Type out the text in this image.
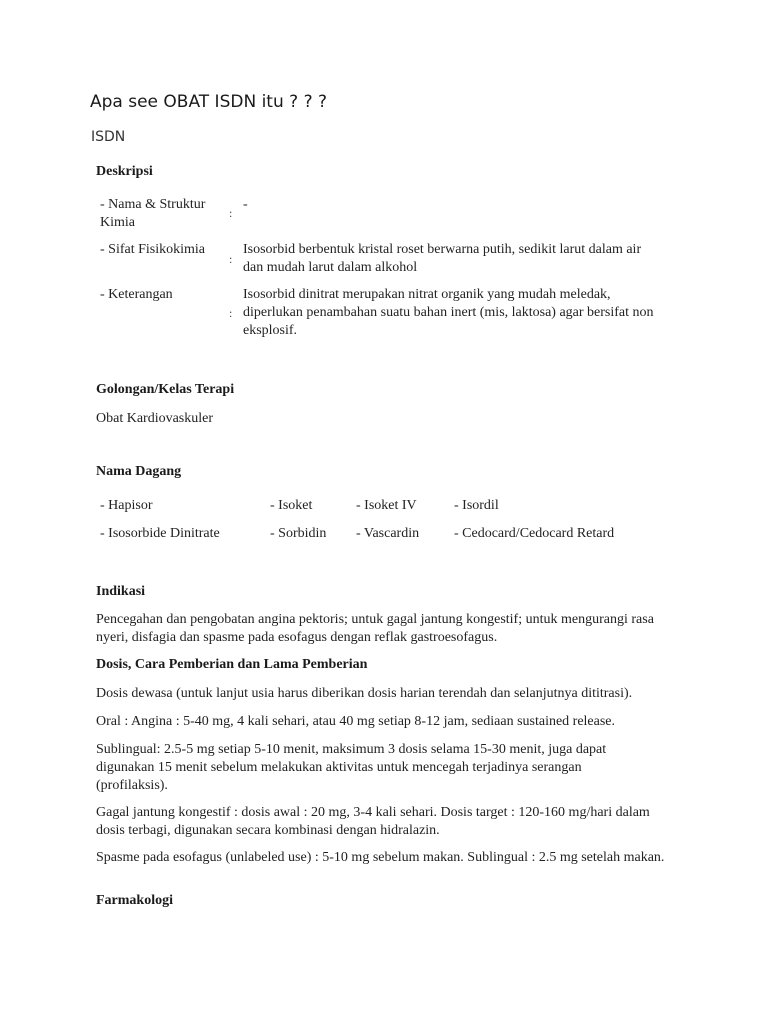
Apa see OBAT ISDN itu ? ? ?
ISDN
Deskripsi
- Nama & Struktur Kimia
:
-
- Sifat Fisikokimia
:
Isosorbid berbentuk kristal roset berwarna putih, sedikit larut dalam air dan mudah larut dalam alkohol
- Keterangan
:
Isosorbid dinitrat merupakan nitrat organik yang mudah meledak, diperlukan penambahan suatu bahan inert (mis, laktosa) agar bersifat non eksplosif.
Golongan/Kelas Terapi
Obat Kardiovaskuler
Nama Dagang
- Hapisor	- Isoket	- Isoket IV	- Isordil
- Isosorbide Dinitrate	- Sorbidin - Vascardin - Cedocard/Cedocard Retard
Indikasi
Pencegahan dan pengobatan angina pektoris; untuk gagal jantung kongestif; untuk mengurangi rasa nyeri, disfagia dan spasme pada esofagus dengan reflak gastroesofagus.
Dosis, Cara Pemberian dan Lama Pemberian
Dosis dewasa (untuk lanjut usia harus diberikan dosis harian terendah dan selanjutnya dititrasi).
Oral : Angina : 5-40 mg, 4 kali sehari, atau 40 mg setiap 8-12 jam, sediaan sustained release.
Sublingual: 2.5-5 mg setiap 5-10 menit, maksimum 3 dosis selama 15-30 menit, juga dapat digunakan 15 menit sebelum melakukan aktivitas untuk mencegah terjadinya serangan (profilaksis).
Gagal jantung kongestif : dosis awal : 20 mg, 3-4 kali sehari. Dosis target : 120-160 mg/hari dalam dosis terbagi, digunakan secara kombinasi dengan hidralazin.
Spasme pada esofagus (unlabeled use) : 5-10 mg sebelum makan. Sublingual : 2.5 mg setelah makan.
Farmakologi
